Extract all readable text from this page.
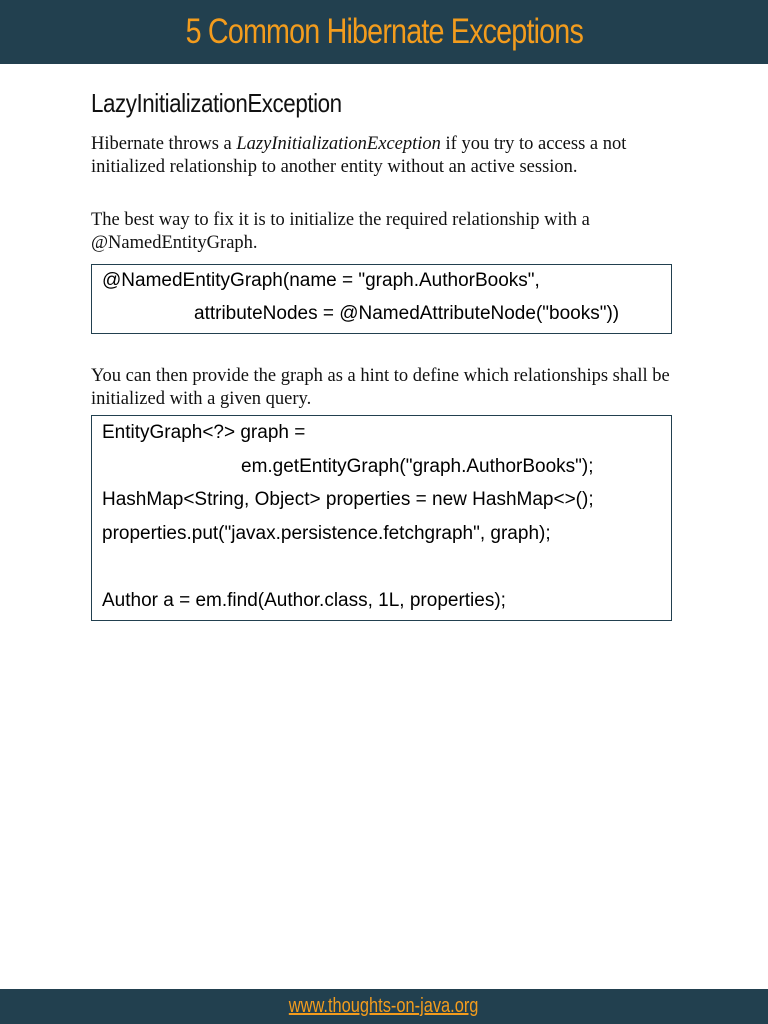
5 Common Hibernate Exceptions
LazyInitializationException
Hibernate throws a LazyInitializationException if you try to access a not initialized relationship to another entity without an active session.
The best way to fix it is to initialize the required relationship with a @NamedEntityGraph.
@NamedEntityGraph(name = "graph.AuthorBooks",
attributeNodes = @NamedAttributeNode("books"))
You can then provide the graph as a hint to define which relationships shall be initialized with a given query.
EntityGraph<?> graph =
em.getEntityGraph("graph.AuthorBooks");
HashMap<String, Object> properties = new HashMap<>();
properties.put("javax.persistence.fetchgraph", graph);
Author a = em.find(Author.class, 1L, properties);
www.thoughts-on-java.org
